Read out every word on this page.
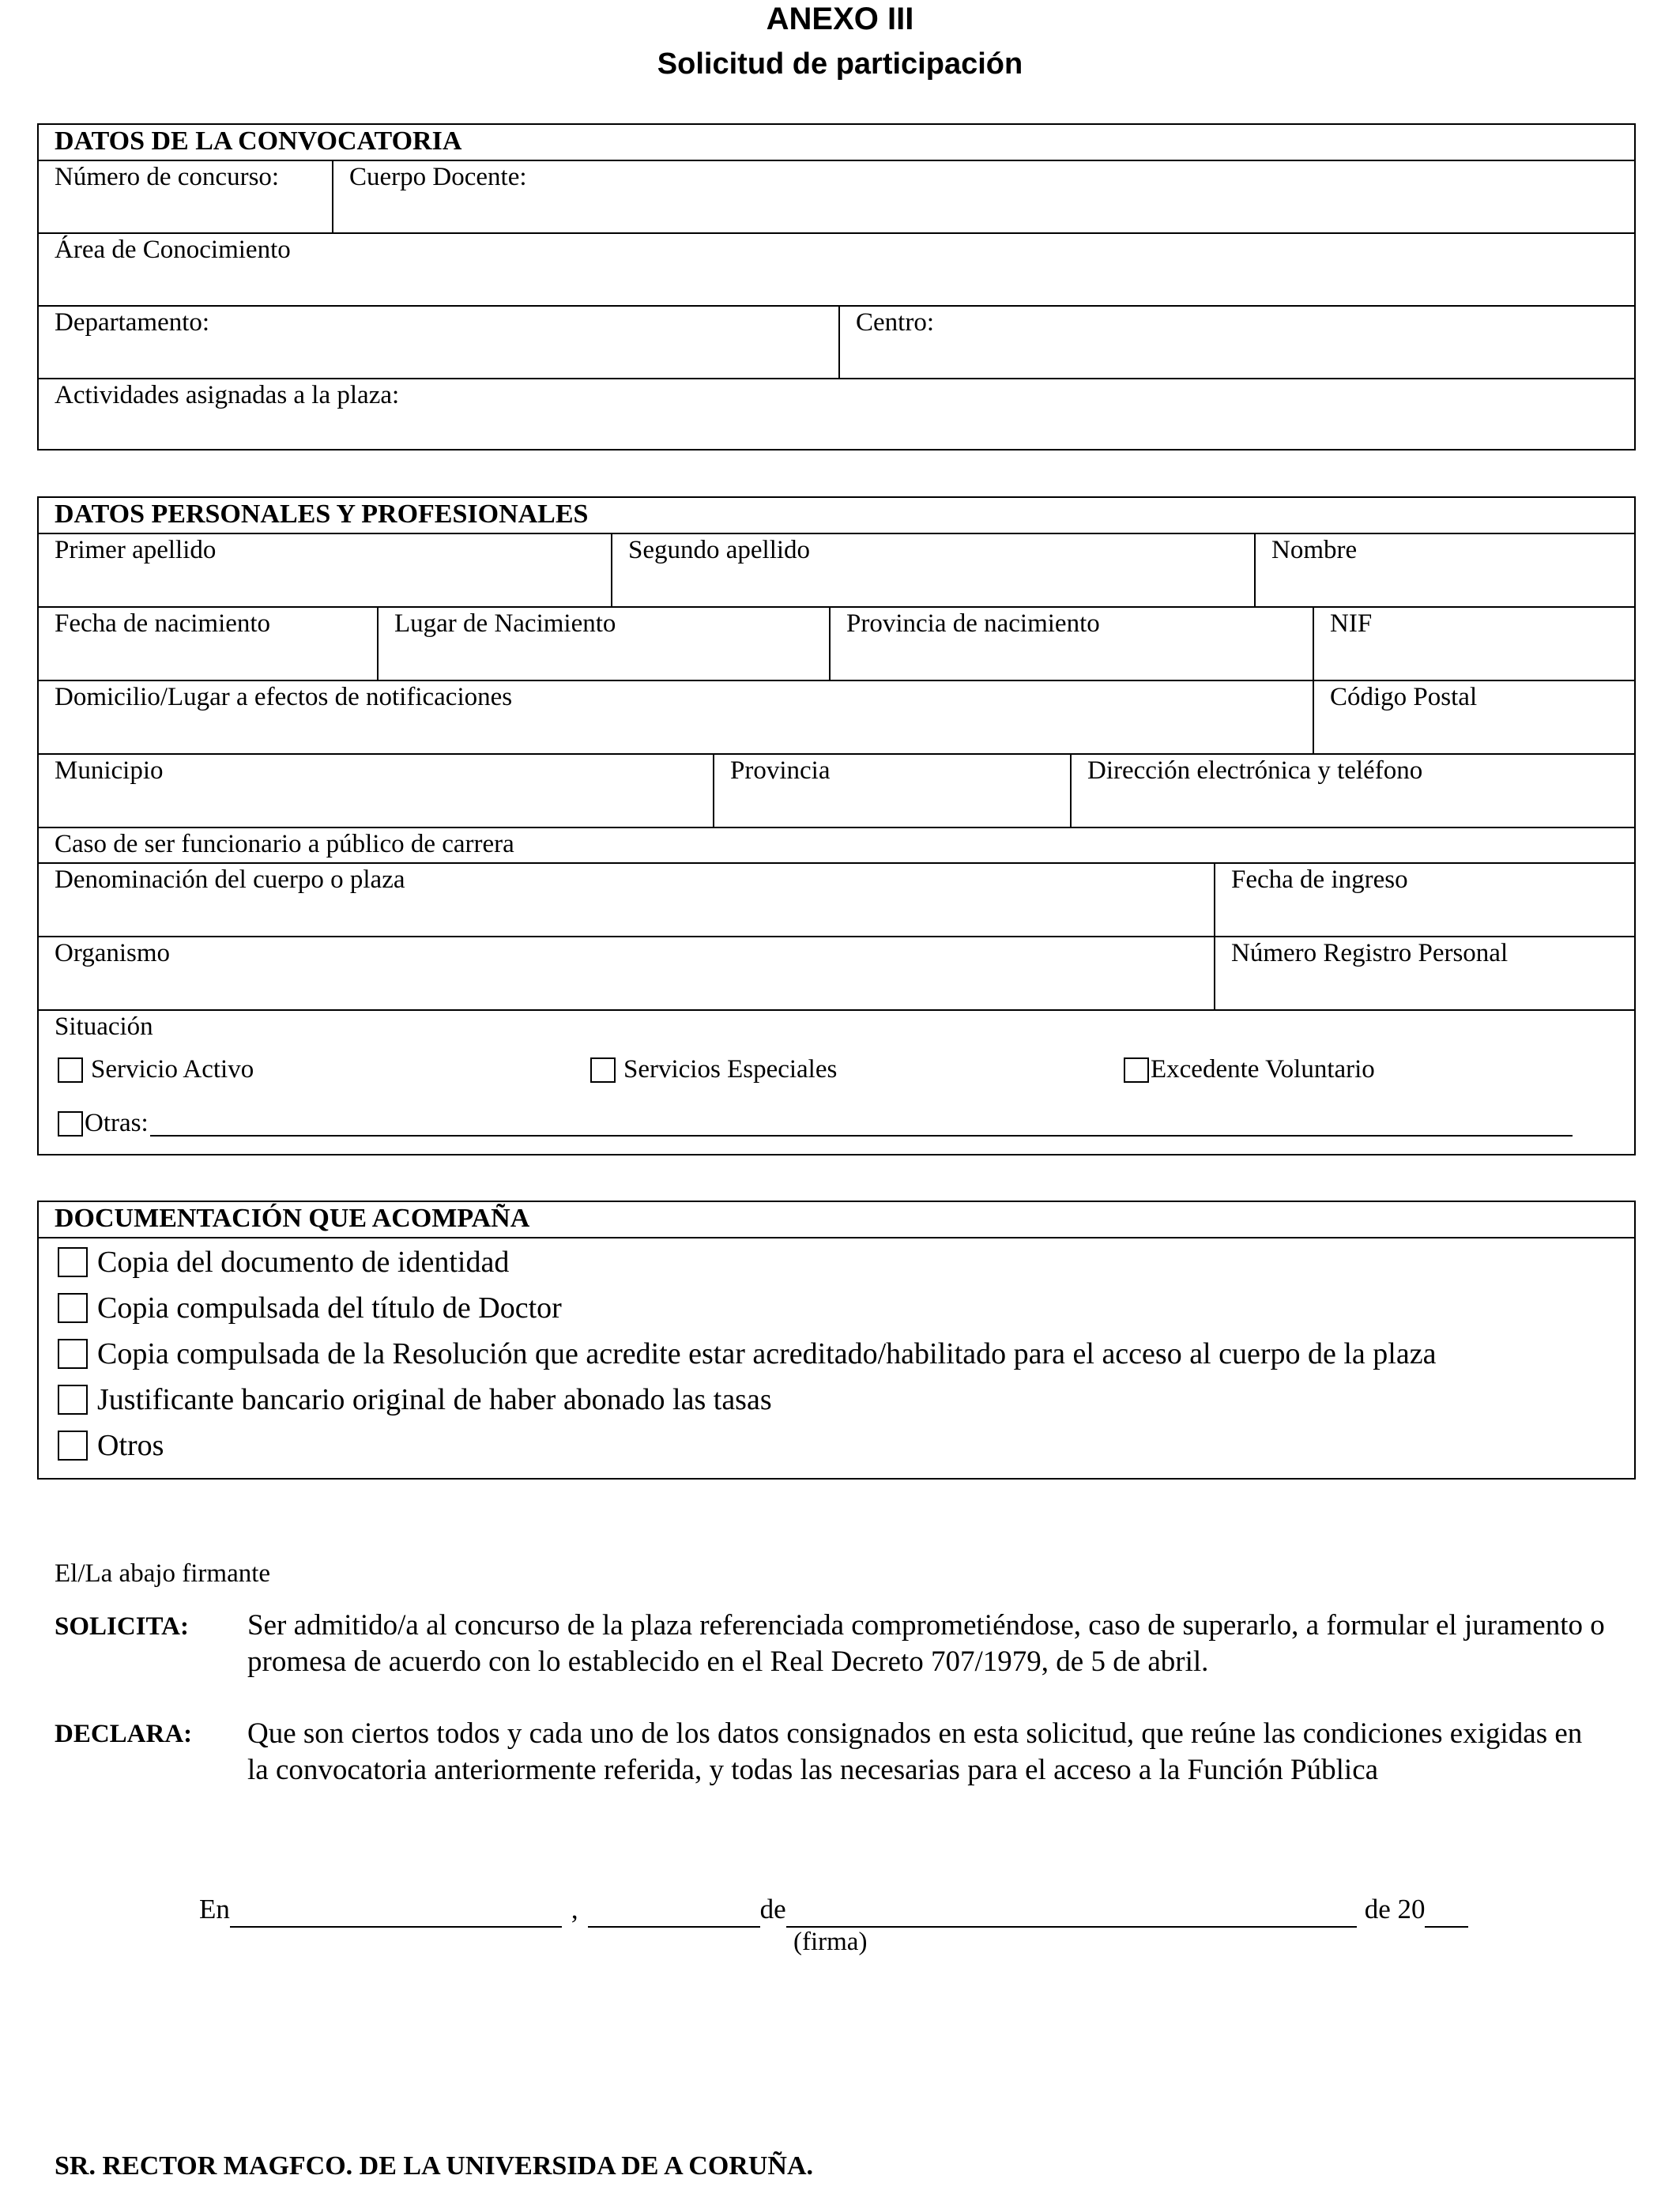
ANEXO III
Solicitud de participación
DATOS DE LA CONVOCATORIA
Número de concurso:	Cuerpo Docente:
Área de Conocimiento
Departamento:	Centro:
Actividades asignadas a la plaza:
DATOS PERSONALES Y PROFESIONALES
Primer apellido	Segundo apellido	Nombre
Fecha de nacimiento	Lugar de Nacimiento	Provincia de nacimiento	NIF
Domicilio/Lugar a efectos de notificaciones	Código Postal
Municipio	Provincia	Dirección electrónica y teléfono
Caso de ser funcionario a público de carrera
Denominación del cuerpo o plaza	Fecha de ingreso
Organismo	Número Registro Personal
Situación
Servicio Activo	Servicios Especiales	Excedente Voluntario
Otras:
DOCUMENTACIÓN QUE ACOMPAÑA
Copia del documento de identidad
Copia compulsada del título de Doctor
Copia compulsada de la Resolución que acredite estar acreditado/habilitado para el acceso al cuerpo de la plaza
Justificante bancario original de haber abonado las tasas
Otros
El/La abajo firmante
SOLICITA: Ser admitido/a al concurso de la plaza referenciada comprometiéndose, caso de superarlo, a formular el juramento o promesa de acuerdo con lo establecido en el Real Decreto 707/1979, de 5 de abril.
DECLARA: Que son ciertos todos y cada uno de los datos consignados en esta solicitud, que reúne las condiciones exigidas en la convocatoria anteriormente referida, y todas las necesarias para el acceso a la Función Pública
En	,	de	de 20
(firma)
SR. RECTOR MAGFCO. DE LA UNIVERSIDA DE A CORUÑA.
